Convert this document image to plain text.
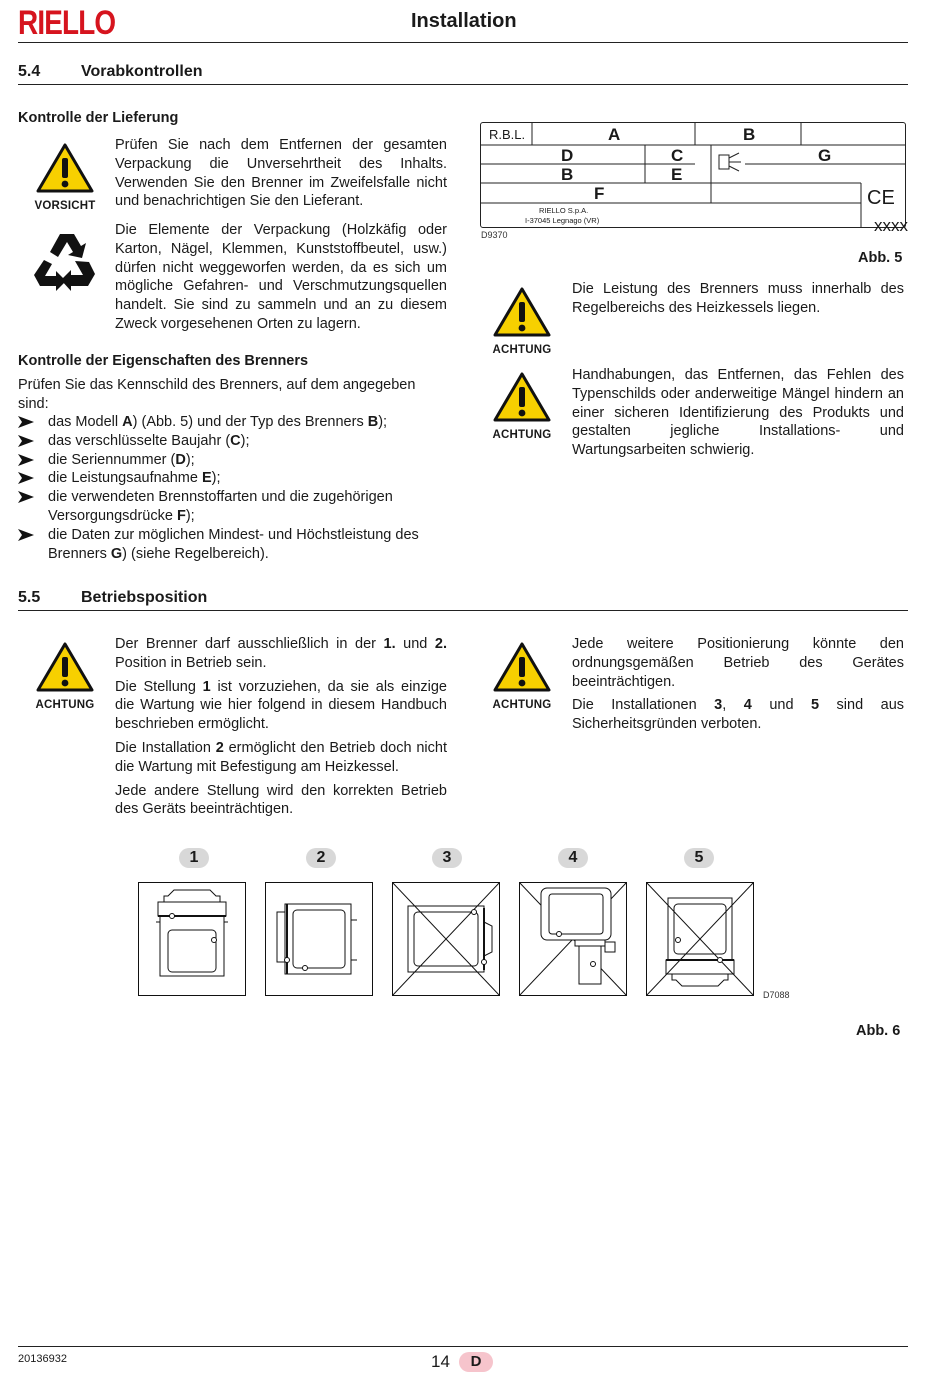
RIELLO	Installation
5.4	Vorabkontrollen
Kontrolle der Lieferung
VORSICHT
Prüfen Sie nach dem Entfernen der gesamten Verpackung die Unversehrtheit des Inhalts. Verwenden Sie den Brenner im Zweifelsfalle nicht und benachrichtigen Sie den Lieferant.
Die Elemente der Verpackung (Holzkäfig oder Karton, Nägel, Klemmen, Kunststoffbeutel, usw.) dürfen nicht weggeworfen werden, da es sich um mögliche Gefahren- und Verschmutzungsquellen handelt. Sie sind zu sammeln und an zu diesem Zweck vorgesehenen Orten zu lagern.
Kontrolle der Eigenschaften des Brenners
Prüfen Sie das Kennschild des Brenners, auf dem angegeben sind:
das Modell A) (Abb. 5) und der Typ des Brenners B);
das verschlüsselte Baujahr (C);
die Seriennummer (D);
die Leistungsaufnahme E);
die verwendeten Brennstoffarten und die zugehörigen Versorgungsdrücke F);
die Daten zur möglichen Mindest- und Höchstleistung des Brenners G) (siehe Regelbereich).
R.B.L.	A	B
D	C	G
B	E
F
RIELLO S.p.A.
I-37045 Legnago (VR)
CE
xxxx
D9370
Abb. 5
ACHTUNG
Die Leistung des Brenners muss innerhalb des Regelbereichs des Heizkessels liegen.
ACHTUNG
Handhabungen, das Entfernen, das Fehlen des Typenschilds oder anderweitige Mängel hindern an einer sicheren Identifizierung des Produkts und gestalten jegliche Installations- und Wartungsarbeiten schwierig.
5.5	Betriebsposition
ACHTUNG
Der Brenner darf ausschließlich in der 1. und 2. Position in Betrieb sein.
Die Stellung 1 ist vorzuziehen, da sie als einzige die Wartung wie hier folgend in diesem Handbuch beschrieben ermöglicht.
Die Installation 2 ermöglicht den Betrieb doch nicht die Wartung mit Befestigung am Heizkessel.
Jede andere Stellung wird den korrekten Betrieb des Geräts beeinträchtigen.
ACHTUNG
Jede weitere Positionierung könnte den ordnungsgemäßen Betrieb des Gerätes beeinträchtigen.
Die Installationen 3, 4 und 5 sind aus Sicherheitsgründen verboten.
1	2	3	4	5
D7088
Abb. 6
20136932	14	D
